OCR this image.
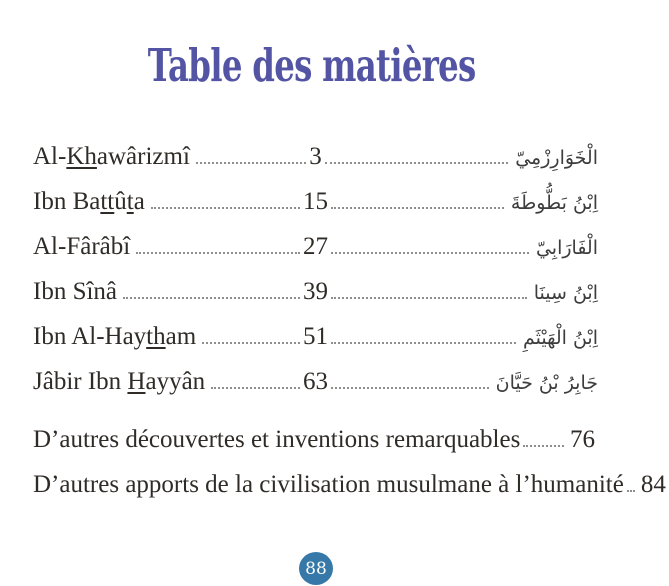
Table des matières
Al-Khawârizmî	3	الْخَوَارِزْمِيّ
Ibn Battûta	15	اِبْنُ بَطُّوطَةَ
Al-Fârâbî	27	الْفَارَابِيّ
Ibn Sînâ	39	اِبْنُ سِينَا
Ibn Al-Haytham	51	اِبْنُ الْهَيْثَمِ
Jâbir Ibn Hayyân	63	جَابِرُ بْنُ حَيَّانَ
D’autres découvertes et inventions remarquables 76
D’autres apports de la civilisation musulmane à l’humanité 84
88
